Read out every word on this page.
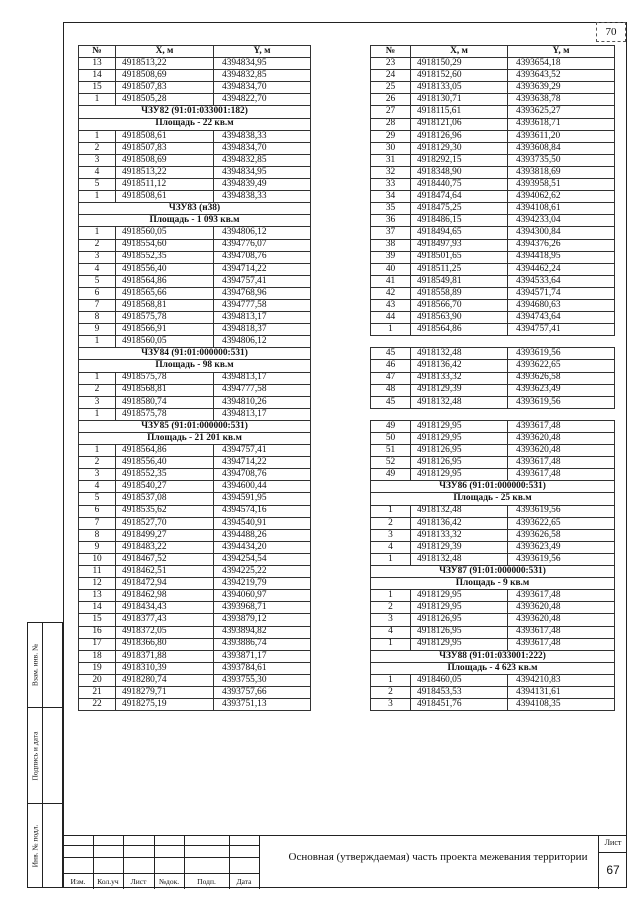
70
№	X, м	Y, м
13	4918513,22	4394834,95
14	4918508,69	4394832,85
15	4918507,83	4394834,70
1	4918505,28	4394822,70
ЧЗУ82 (91:01:033001:182)		
Площадь - 22 кв.м		
1	4918508,61	4394838,33
2	4918507,83	4394834,70
3	4918508,69	4394832,85
4	4918513,22	4394834,95
5	4918511,12	4394839,49
1	4918508,61	4394838,33
ЧЗУ83 (н38)		
Площадь - 1 093 кв.м		
1	4918560,05	4394806,12
2	4918554,60	4394776,07
3	4918552,35	4394708,76
4	4918556,40	4394714,22
5	4918564,86	4394757,41
6	4918565,66	4394768,96
7	4918568,81	4394777,58
8	4918575,78	4394813,17
9	4918566,91	4394818,37
1	4918560,05	4394806,12
ЧЗУ84 (91:01:000000:531)		
Площадь - 98 кв.м		
1	4918575,78	4394813,17
2	4918568,81	4394777,58
3	4918580,74	4394810,26
1	4918575,78	4394813,17
ЧЗУ85 (91:01:000000:531)		
Площадь - 21 201 кв.м		
1	4918564,86	4394757,41
2	4918556,40	4394714,22
3	4918552,35	4394708,76
4	4918540,27	4394600,44
5	4918537,08	4394591,95
6	4918535,62	4394574,16
7	4918527,70	4394540,91
8	4918499,27	4394488,26
9	4918483,22	4394434,20
10	4918467,52	4394254,54
11	4918462,51	4394225,22
12	4918472,94	4394219,79
13	4918462,98	4394060,97
14	4918434,43	4393968,71
15	4918377,43	4393879,12
16	4918372,05	4393894,82
17	4918366,80	4393886,74
18	4918371,88	4393871,17
19	4918310,39	4393784,61
20	4918280,74	4393755,30
21	4918279,71	4393757,66
22	4918275,19	4393751,13
№	X, м	Y, м
23	4918150,29	4393654,18
24	4918152,60	4393643,52
25	4918133,05	4393639,29
26	4918130,71	4393638,78
27	4918115,61	4393625,27
28	4918121,06	4393618,71
29	4918126,96	4393611,20
30	4918129,30	4393608,84
31	4918292,15	4393735,50
32	4918348,90	4393818,69
33	4918440,75	4393958,51
34	4918474,64	4394062,62
35	4918475,25	4394108,61
36	4918486,15	4394233,04
37	4918494,65	4394300,84
38	4918497,93	4394376,26
39	4918501,65	4394418,95
40	4918511,25	4394462,24
41	4918549,81	4394533,64
42	4918558,89	4394571,74
43	4918566,70	4394680,63
44	4918563,90	4394743,64
1	4918564,86	4394757,41

45	4918132,48	4393619,56
46	4918136,42	4393622,65
47	4918133,32	4393626,58
48	4918129,39	4393623,49
45	4918132,48	4393619,56

49	4918129,95	4393617,48
50	4918129,95	4393620,48
51	4918126,95	4393620,48
52	4918126,95	4393617,48
49	4918129,95	4393617,48
ЧЗУ86 (91:01:000000:531)		
Площадь - 25 кв.м		
1	4918132,48	4393619,56
2	4918136,42	4393622,65
3	4918133,32	4393626,58
4	4918129,39	4393623,49
1	4918132,48	4393619,56
ЧЗУ87 (91:01:000000:531)		
Площадь - 9 кв.м		
1	4918129,95	4393617,48
2	4918129,95	4393620,48
3	4918126,95	4393620,48
4	4918126,95	4393617,48
1	4918129,95	4393617,48
ЧЗУ88 (91:01:033001:222)		
Площадь - 4 623 кв.м		
1	4918460,05	4394210,83
2	4918453,53	4394131,61
3	4918451,76	4394108,35
Взам. инв. №
Подпись и дата
Инв. № подл.
Изм.	Кол.уч	Лист	№док.	Подп.	Дата
Основная (утверждаемая) часть проекта межевания территории
Лист
67
